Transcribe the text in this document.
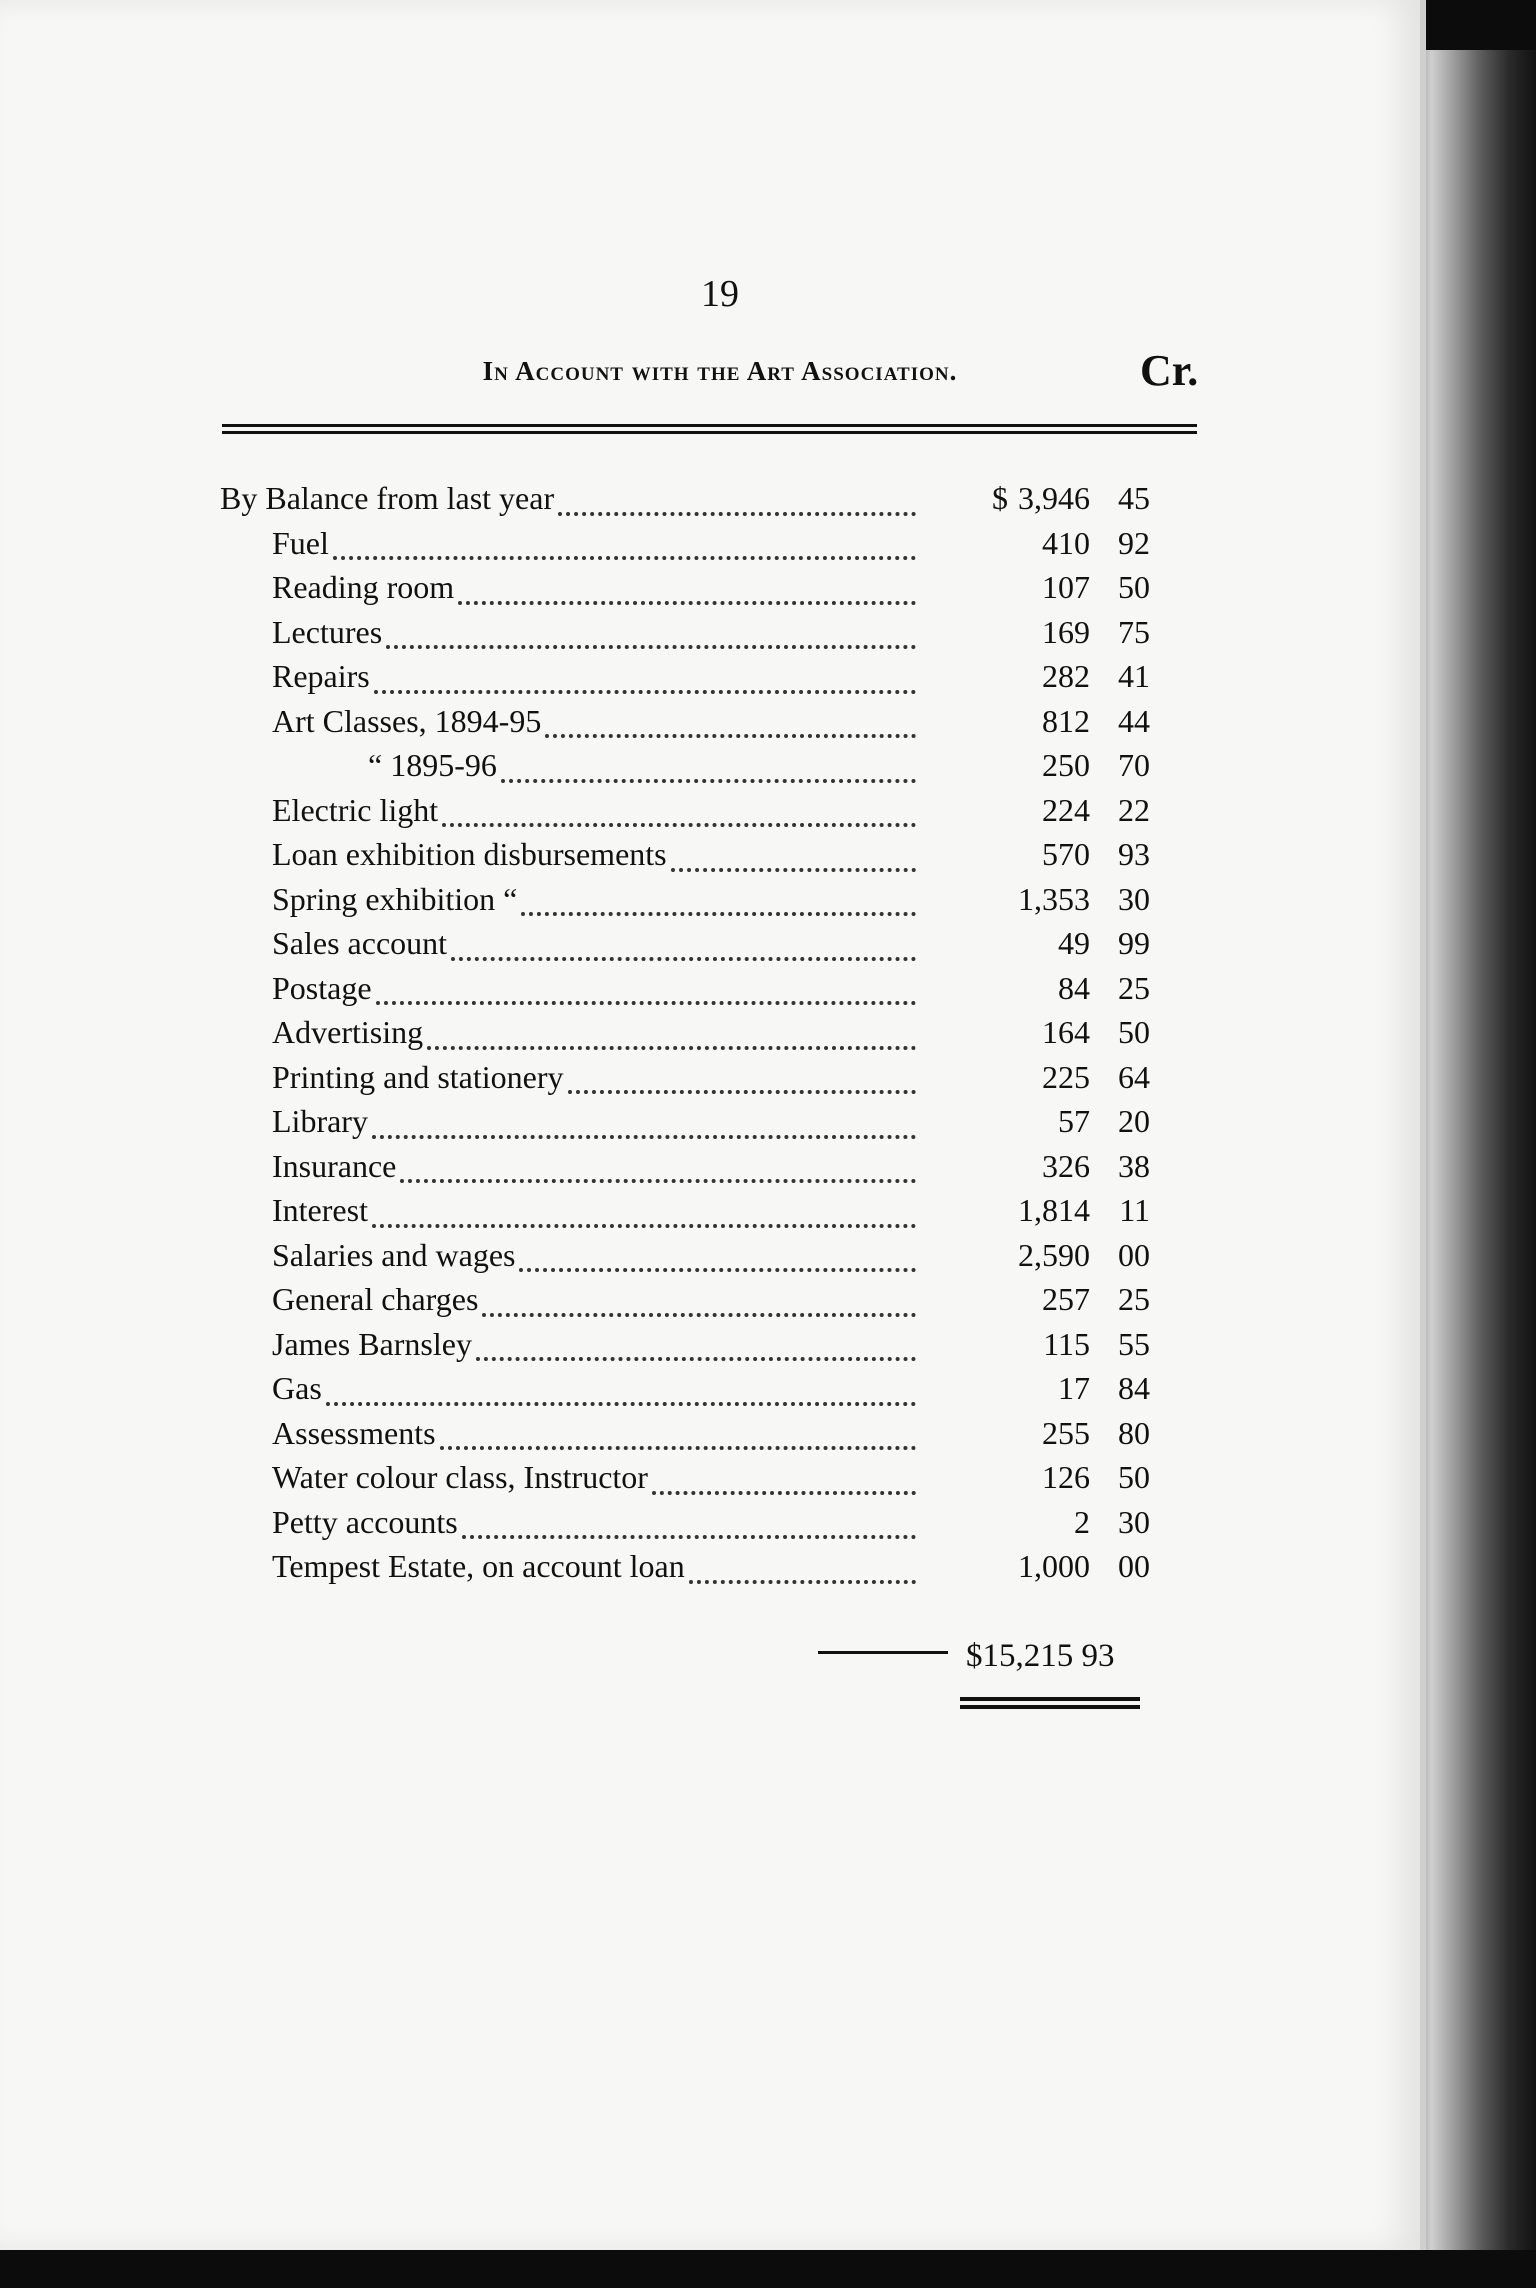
19
In Account with the Art Association.	Cr.
By Balance from last year	$ 3,946 45
Fuel	410 92
Reading room	107 50
Lectures	169 75
Repairs	282 41
Art Classes, 1894-95	812 44
“ 1895-96	250 70
Electric light	224 22
Loan exhibition disbursements	570 93
Spring exhibition “	1,353 30
Sales account	49 99
Postage	84 25
Advertising	164 50
Printing and stationery	225 64
Library	57 20
Insurance	326 38
Interest	1,814 11
Salaries and wages	2,590 00
General charges	257 25
James Barnsley	115 55
Gas	17 84
Assessments	255 80
Water colour class, Instructor	126 50
Petty accounts	2 30
Tempest Estate, on account loan	1,000 00
$15,215 93
